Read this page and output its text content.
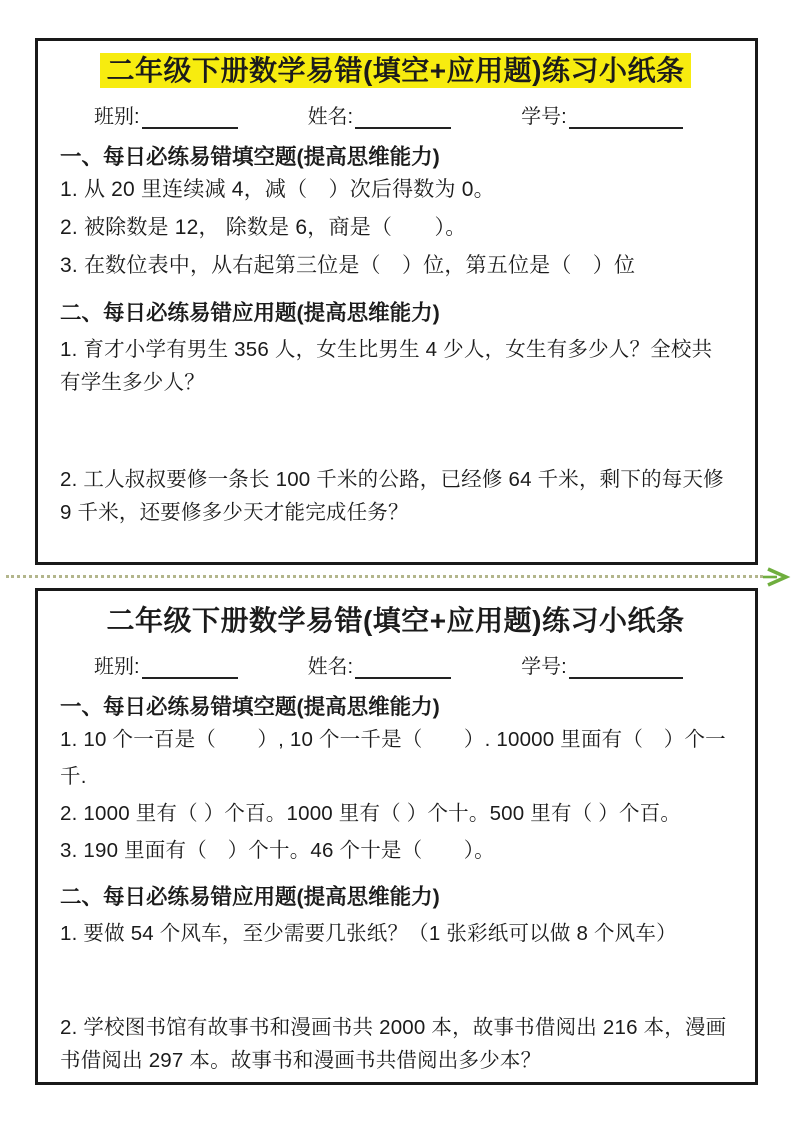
二年级下册数学易错(填空+应用题)练习小纸条
班别:	姓名:	学号:
一、每日必练易错填空题(提高思维能力)

1. 从 20 里连续减 4，减（　）次后得数为 0。

2. 被除数是 12， 除数是 6，商是（　　）。

3. 在数位表中，从右起第三位是（　）位，第五位是（　）位

二、每日必练易错应用题(提高思维能力)

1. 育才小学有男生 356 人，女生比男生 4 少人，女生有多少人？全校共有学生多少人？

2. 工人叔叔要修一条长 100 千米的公路，已经修 64 千米，剩下的每天修 9 千米，还要修多少天才能完成任务？

二年级下册数学易错(填空+应用题)练习小纸条
班别:	姓名:	学号:
一、每日必练易错填空题(提高思维能力)

1. 10 个一百是（　　）, 10 个一千是（　　）. 10000 里面有（　）个一千.

2. 1000 里有（ ）个百。1000 里有（ ）个十。500 里有（ ）个百。

3. 190 里面有（　）个十。46 个十是（　　）。

二、每日必练易错应用题(提高思维能力)

1. 要做 54 个风车，至少需要几张纸？（1 张彩纸可以做 8 个风车）

2. 学校图书馆有故事书和漫画书共 2000 本，故事书借阅出 216 本，漫画书借阅出 297 本。故事书和漫画书共借阅出多少本？
